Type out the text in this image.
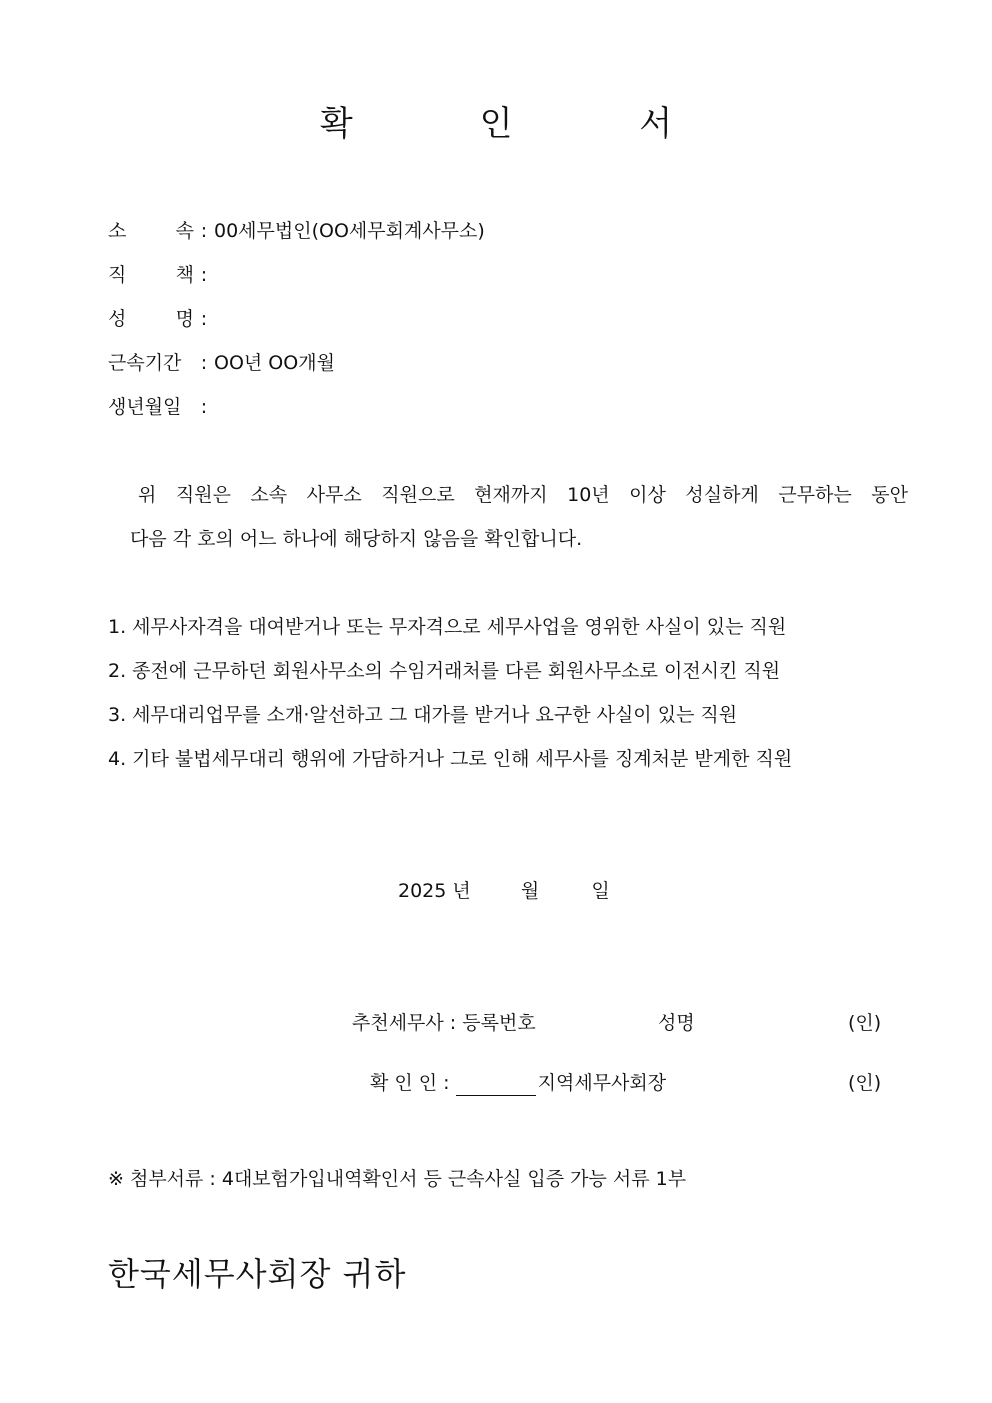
확 인 서
소 속 : 00세무법인(OO세무회계사무소)
직 책 :
성 명 :
근속기간 : OO년 OO개월
생년월일 :
위 직원은 소속 사무소 직원으로 현재까지 10년 이상 성실하게 근무하는 동안
다음 각 호의 어느 하나에 해당하지 않음을 확인합니다.
1. 세무사자격을 대여받거나 또는 무자격으로 세무사업을 영위한 사실이 있는 직원
2. 종전에 근무하던 회원사무소의 수임거래처를 다른 회원사무소로 이전시킨 직원
3. 세무대리업무를 소개·알선하고 그 대가를 받거나 요구한 사실이 있는 직원
4. 기타 불법세무대리 행위에 가담하거나 그로 인해 세무사를 징계처분 받게한 직원
2025 년	월	일
추천세무사 : 등록번호	성명	(인)
확 인 인 :	지역세무사회장	(인)
※ 첨부서류 : 4대보험가입내역확인서 등 근속사실 입증 가능 서류 1부
한국세무사회장 귀하
